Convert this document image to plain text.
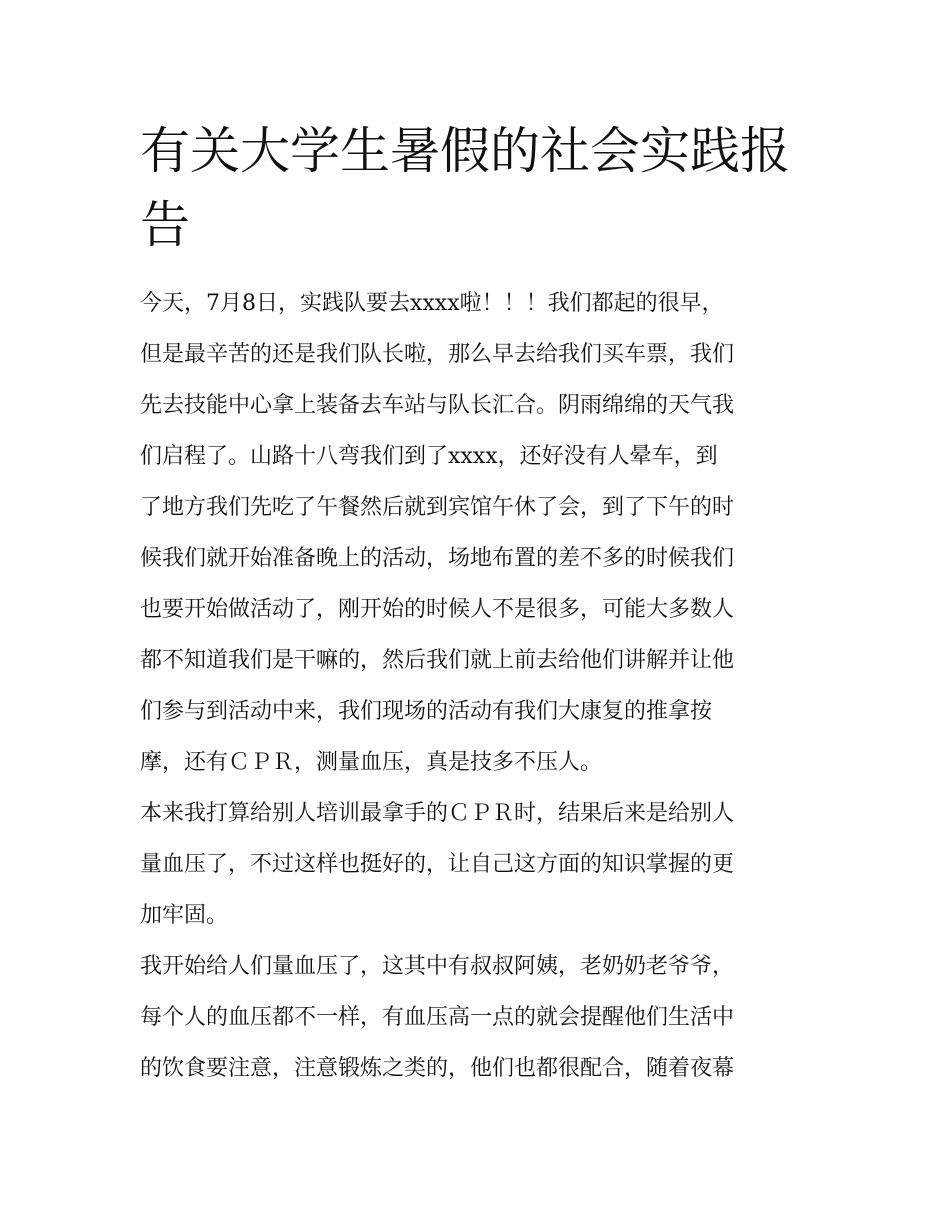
有关大学生暑假的社会实践报
告
今天，7月8日，实践队要去xxxx啦！！！我们都起的很早，
但是最辛苦的还是我们队长啦，那么早去给我们买车票，我们
先去技能中心拿上装备去车站与队长汇合。阴雨绵绵的天气我
们启程了。山路十八弯我们到了xxxx，还好没有人晕车，到
了地方我们先吃了午餐然后就到宾馆午休了会，到了下午的时
候我们就开始准备晚上的活动，场地布置的差不多的时候我们
也要开始做活动了，刚开始的时候人不是很多，可能大多数人
都不知道我们是干嘛的，然后我们就上前去给他们讲解并让他
们参与到活动中来，我们现场的活动有我们大康复的推拿按
摩，还有ＣＰＲ，测量血压，真是技多不压人。
本来我打算给别人培训最拿手的ＣＰＲ时，结果后来是给别人
量血压了，不过这样也挺好的，让自己这方面的知识掌握的更
加牢固。
我开始给人们量血压了，这其中有叔叔阿姨，老奶奶老爷爷，
每个人的血压都不一样，有血压高一点的就会提醒他们生活中
的饮食要注意，注意锻炼之类的，他们也都很配合，随着夜幕
